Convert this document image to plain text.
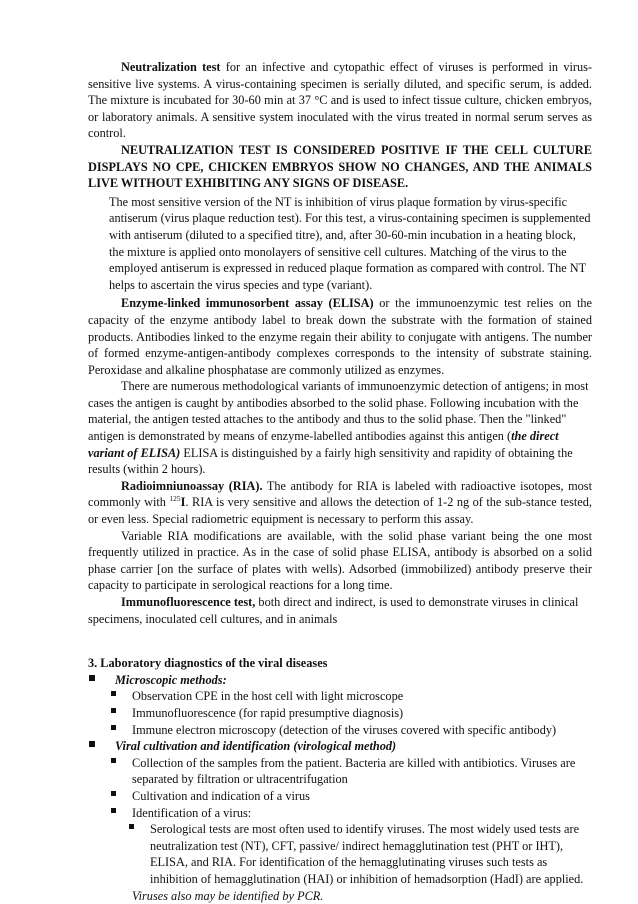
Neutralization test for an infective and cytopathic effect of viruses is performed in virus-sensitive live systems. A virus-containing specimen is serially diluted, and specific serum, is added. The mixture is incubated for 30-60 min at 37 °C and is used to infect tissue culture, chicken embryos, or laboratory animals. A sensitive system inoculated with the virus treated in normal serum serves as control.

NEUTRALIZATION TEST IS CONSIDERED POSITIVE IF THE CELL CULTURE DISPLAYS NO CPE, CHICKEN EMBRYOS SHOW NO CHANGES, AND THE ANIMALS LIVE WITHOUT EXHIBITING ANY SIGNS OF DISEASE.

The most sensitive version of the NT is inhibition of virus plaque formation by virus-specific antiserum (virus plaque reduction test). For this test, a virus-containing specimen is supplemented with antiserum (diluted to a specified titre), and, after 30-60-min incubation in a heating block, the mixture is applied onto monolayers of sensitive cell cultures. Matching of the virus to the employed antiserum is expressed in reduced plaque formation as compared with control. The NT helps to ascertain the virus species and type (variant).

Enzyme-linked immunosorbent assay (ELISA) or the immunoenzymic test relies on the capacity of the enzyme antibody label to break down the substrate with the formation of stained products. Antibodies linked to the enzyme regain their ability to conjugate with antigens. The number of formed enzyme-antigen-antibody complexes corresponds to the intensity of substrate staining. Peroxidase and alkaline phosphatase are commonly utilized as enzymes.

There are numerous methodological variants of immunoenzymic detection of antigens; in most cases the antigen is caught by antibodies absorbed to the solid phase. Following incubation with the material, the antigen tested attaches to the antibody and thus to the solid phase. Then the "linked" antigen is demonstrated by means of enzyme-labelled antibodies against this antigen (the direct variant of ELISA) ELISA is distinguished by a fairly high sensitivity and rapidity of obtaining the results (within 2 hours).

Radioimniunoassay (RIA). The antibody for RIA is labeled with radioactive isotopes, most commonly with $^{125}$I. RIA is very sensitive and allows the detection of 1-2 ng of the sub-stance tested, or even less. Special radiometric equipment is necessary to perform this assay.

Variable RIA modifications are available, with the solid phase variant being the one most frequently utilized in practice. As in the case of solid phase ELISA, antibody is absorbed on a solid phase carrier [on the surface of plates with wells). Adsorbed (immobilized) antibody preserve their capacity to participate in serological reactions for a long time.

Immunofluorescence test, both direct and indirect, is used to demonstrate viruses in clinical specimens, inoculated cell cultures, and in animals

3. Laboratory diagnostics of the viral diseases
Microscopic methods:
Observation CPE in the host cell with light microscope
Immunofluorescence (for rapid presumptive diagnosis)
Immune electron microscopy (detection of the viruses covered with specific antibody)
Viral cultivation and identification (virological method)
Collection of the samples from the patient. Bacteria are killed with antibiotics. Viruses are separated by filtration or ultracentrifugation
Cultivation and indication of a virus
Identification of a virus:
Serological tests are most often used to identify viruses. The most widely used tests are neutralization test (NT), CFT, passive/ indirect hemagglutination test (PHT or IHT), ELISA, and RIA. For identification of the hemagglutinating viruses such tests as inhibition of hemagglutination (HAI) or inhibition of hemadsorption (HadI) are applied.
Viruses also may be identified by PCR.
